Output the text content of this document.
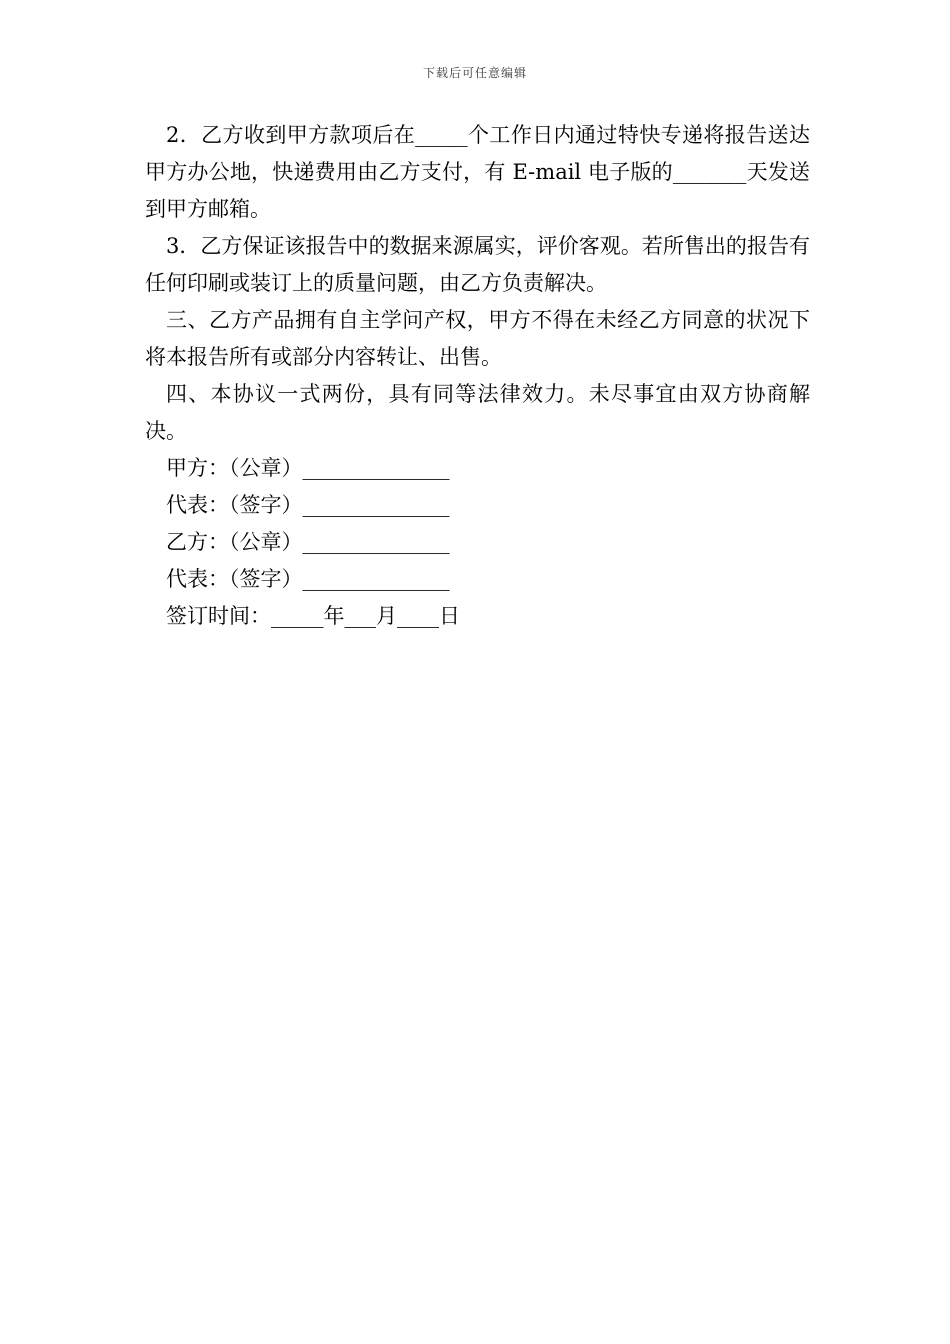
下载后可任意编辑

2．乙方收到甲方款项后在_____个工作日内通过特快专递将报告送达甲方办公地，快递费用由乙方支付，有 E-mail 电子版的_______天发送到甲方邮箱。

3．乙方保证该报告中的数据来源属实，评价客观。若所售出的报告有任何印刷或装订上的质量问题，由乙方负责解决。

三、乙方产品拥有自主学问产权，甲方不得在未经乙方同意的状况下将本报告所有或部分内容转让、出售。

四、本协议一式两份，具有同等法律效力。未尽事宜由双方协商解决。

甲方：（公章）______________

代表：（签字）______________

乙方：（公章）______________

代表：（签字）______________

签订时间：_____年___月____日
